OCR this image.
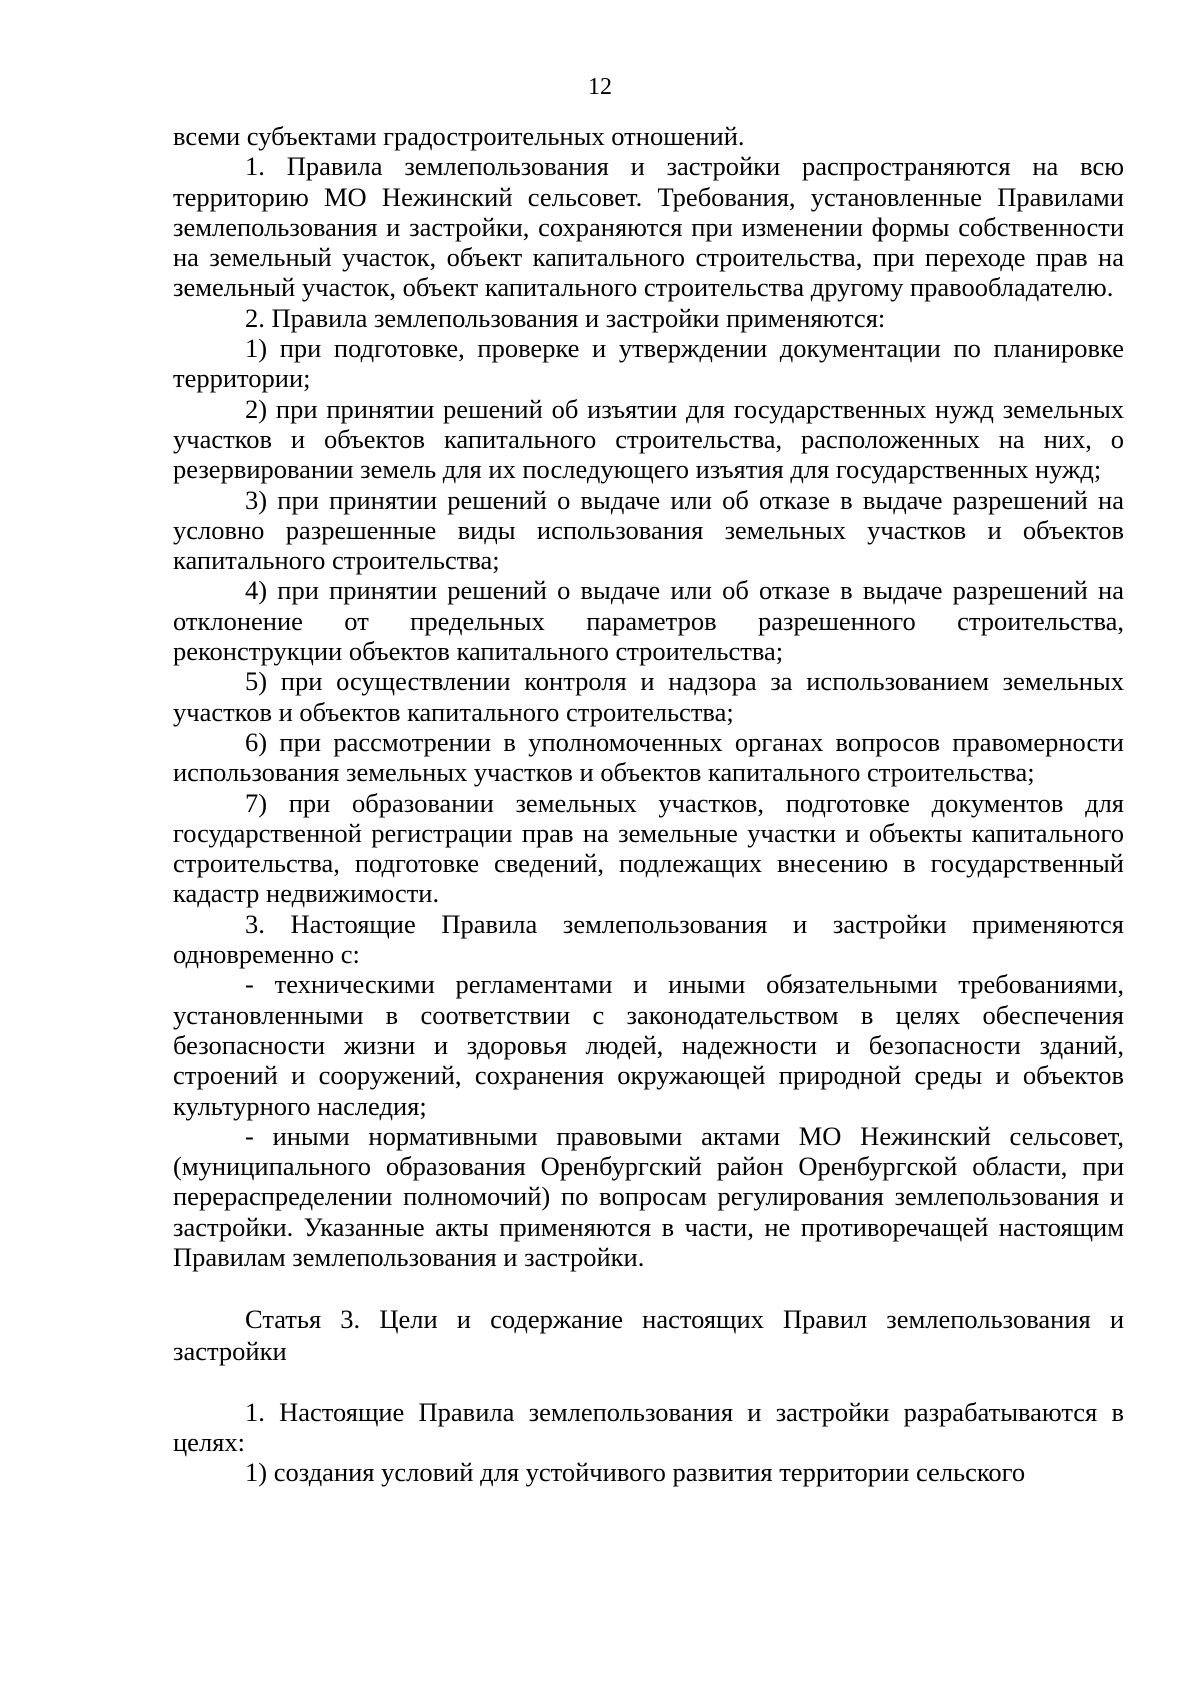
12

всеми субъектами градостроительных отношений.

1. Правила землепользования и застройки распространяются на всю территорию МО Нежинский сельсовет. Требования, установленные Правилами землепользования и застройки, сохраняются при изменении формы собственности на земельный участок, объект капитального строительства, при переходе прав на земельный участок, объект капитального строительства другому правообладателю.

2. Правила землепользования и застройки применяются:

1) при подготовке, проверке и утверждении документации по планировке территории;

2) при принятии решений об изъятии для государственных нужд земельных участков и объектов капитального строительства, расположенных на них, о резервировании земель для их последующего изъятия для государственных нужд;

3) при принятии решений о выдаче или об отказе в выдаче разрешений на условно разрешенные виды использования земельных участков и объектов капитального строительства;

4) при принятии решений о выдаче или об отказе в выдаче разрешений на отклонение от предельных параметров разрешенного строительства, реконструкции объектов капитального строительства;

5) при осуществлении контроля и надзора за использованием земельных участков и объектов капитального строительства;

6) при рассмотрении в уполномоченных органах вопросов правомерности использования земельных участков и объектов капитального строительства;

7) при образовании земельных участков, подготовке документов для государственной регистрации прав на земельные участки и объекты капитального строительства, подготовке сведений, подлежащих внесению в государственный кадастр недвижимости.

3. Настоящие Правила землепользования и застройки применяются одновременно с:

- техническими регламентами и иными обязательными требованиями, установленными в соответствии с законодательством в целях обеспечения безопасности жизни и здоровья людей, надежности и безопасности зданий, строений и сооружений, сохранения окружающей природной среды и объектов культурного наследия;

- иными нормативными правовыми актами МО Нежинский сельсовет, (муниципального образования Оренбургский район Оренбургской области, при перераспределении полномочий) по вопросам регулирования землепользования и застройки. Указанные акты применяются в части, не противоречащей настоящим Правилам землепользования и застройки.

Статья 3. Цели и содержание настоящих Правил землепользования и застройки

1. Настоящие Правила землепользования и застройки разрабатываются в целях:

1) создания условий для устойчивого развития территории сельского
